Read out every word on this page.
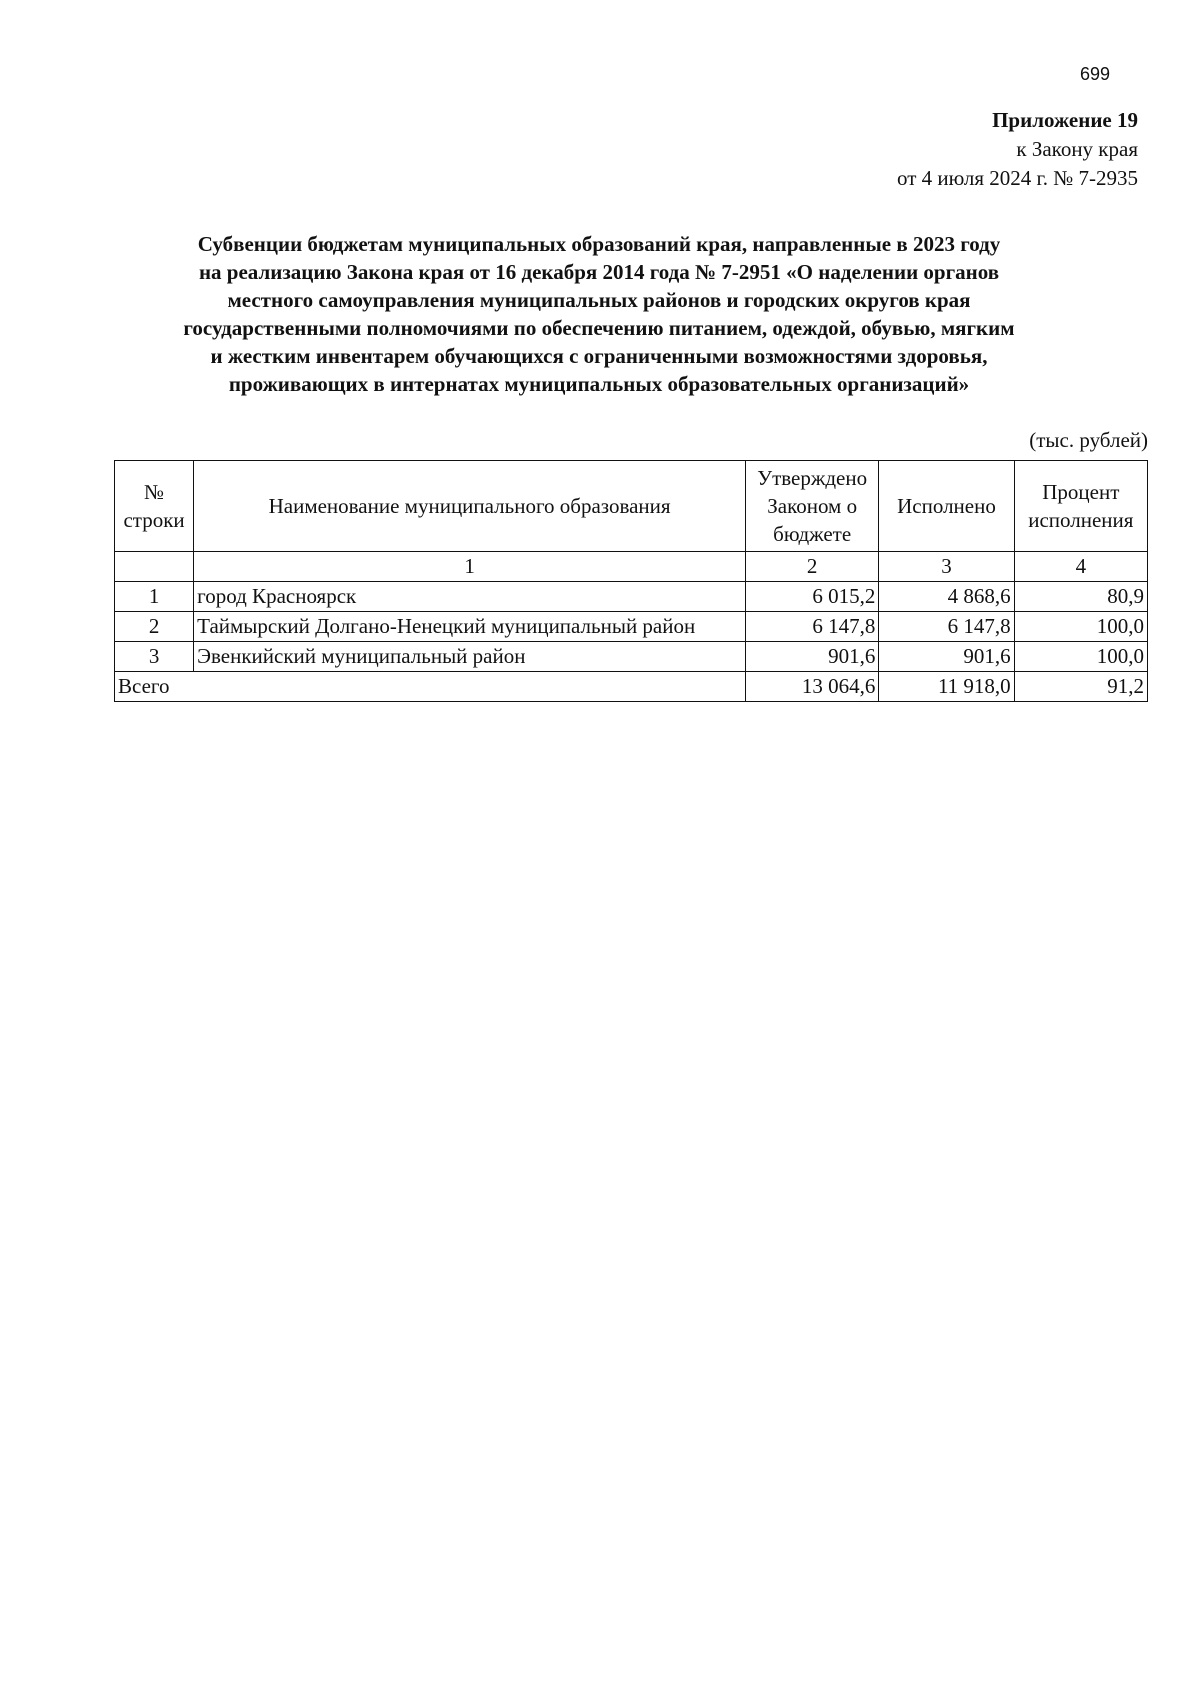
699
Приложение 19
к Закону края
от 4 июля 2024 г. № 7-2935
Субвенции бюджетам муниципальных образований края, направленные в 2023 году
на реализацию Закона края от 16 декабря 2014 года № 7-2951 «О наделении органов
местного самоуправления муниципальных районов и городских округов края
государственными полномочиями по обеспечению питанием, одеждой, обувью, мягким
и жестким инвентарем обучающихся с ограниченными возможностями здоровья,
проживающих в интернатах муниципальных образовательных организаций»
(тыс. рублей)
№ строки	Наименование муниципального образования	Утверждено Законом о бюджете	Исполнено	Процент исполнения
	1	2	3	4
1	город Красноярск	6 015,2	4 868,6	80,9
2	Таймырский Долгано-Ненецкий муниципальный район	6 147,8	6 147,8	100,0
3	Эвенкийский муниципальный район	901,6	901,6	100,0
Всего		13 064,6	11 918,0	91,2
